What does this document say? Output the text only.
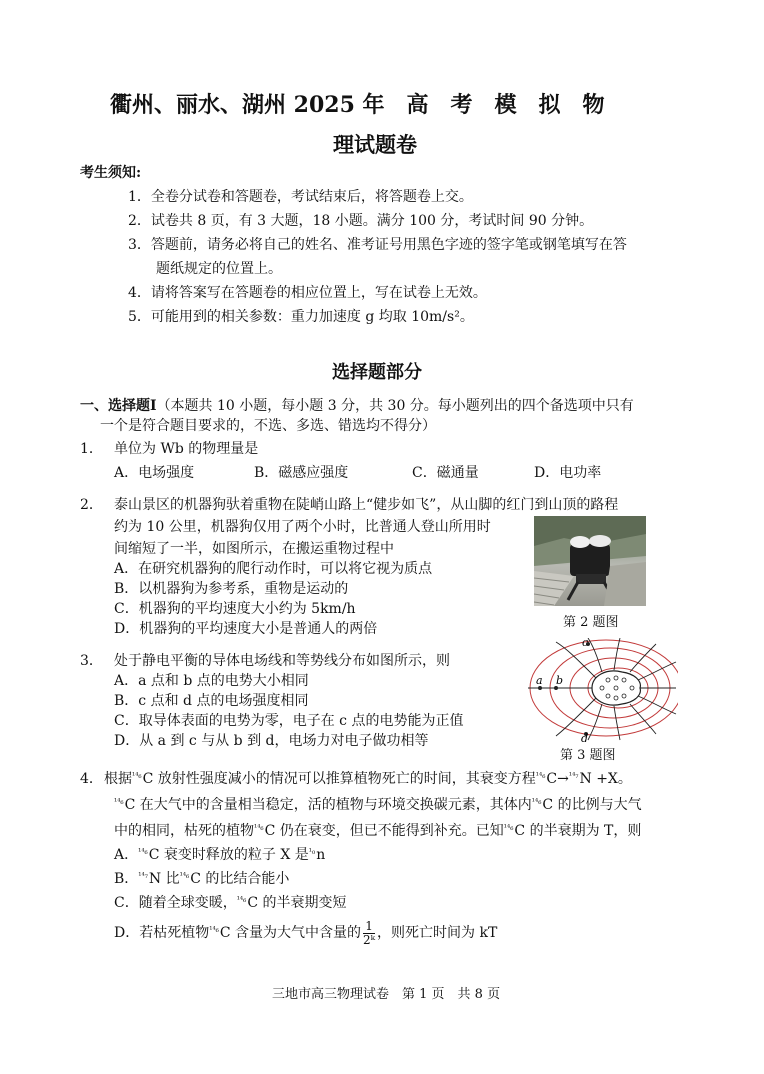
衢州、丽水、湖州 2025 年　高　考　模　拟　物
理试题卷
考生须知:
1．全卷分试卷和答题卷，考试结束后，将答题卷上交。
2．试卷共 8 页，有 3 大题，18 小题。满分 100 分，考试时间 90 分钟。
3．答题前，请务必将自己的姓名、准考证号用黑色字迹的签字笔或钢笔填写在答
题纸规定的位置上。
4．请将答案写在答题卷的相应位置上，写在试卷上无效。
5．可能用到的相关参数：重力加速度 g 均取 10m/s²。
选择题部分
一、选择题Ⅰ（本题共 10 小题，每小题 3 分，共 30 分。每小题列出的四个备选项中只有
一个是符合题目要求的，不选、多选、错选均不得分）
1． 单位为 Wb 的物理量是
A．电场强度	B．磁感应强度	C．磁通量	D．电功率
2． 泰山景区的机器狗驮着重物在陡峭山路上“健步如飞”，从山脚的红门到山顶的路程
约为 10 公里，机器狗仅用了两个小时，比普通人登山所用时
间缩短了一半，如图所示，在搬运重物过程中
A．在研究机器狗的爬行动作时，可以将它视为质点
B．以机器狗为参考系，重物是运动的
C．机器狗的平均速度大小约为 5km/h
D．机器狗的平均速度大小是普通人的两倍	第 2 题图
3． 处于静电平衡的导体电场线和等势线分布如图所示，则
A．a 点和 b 点的电势大小相同
B．c 点和 d 点的电场强度相同
C．取导体表面的电势为零，电子在 c 点的电势能为正值
D．从 a 到 c 与从 b 到 d，电场力对电子做功相等
a b
c
d
第 3 题图
4． 根据$^{^{14}_6}$C 放射性强度减小的情况可以推算植物死亡的时间，其衰变方程$^{^{14}_6}$C→$^{^{14}_7}$N +X。
$^{^{14}_6}$C 在大气中的含量相当稳定，活的植物与环境交换碳元素，其体内$^{^{14}_6}$C 的比例与大气
中的相同，枯死的植物$^{^{14}_6}$C 仍在衰变，但已不能得到补充。已知$^{^{14}_6}$C 的半衰期为 T，则
A．$^{^{14}_6}$C 衰变时释放的粒子 X 是$^{^1_0}$n
B．$^{^{14}_7}$N 比$^{^{14}_6}$C 的比结合能小
C．随着全球变暖，$^{^{14}_6}$C 的半衰期变短
D．若枯死植物$^{^{14}_6}$C 含量为大气中含量的 $\frac{1}{\text{2ᵏ}}$ ，则死亡时间为 kT
三地市高三物理试卷　第 1 页　共 8 页
